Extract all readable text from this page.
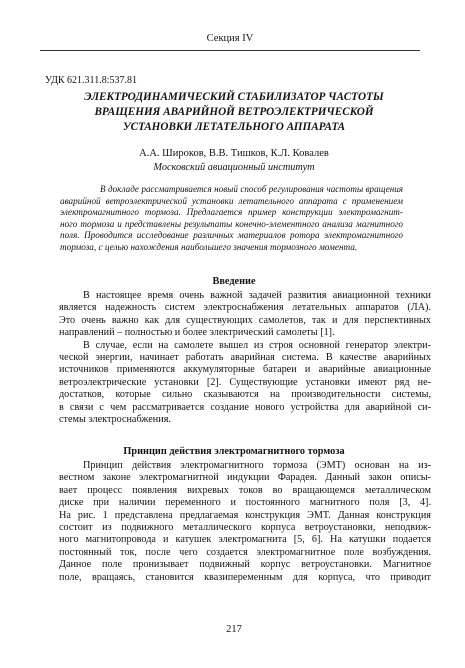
Секция IV
УДК 621.311.8:537.81
ЭЛЕКТРОДИНАМИЧЕСКИЙ СТАБИЛИЗАТОР ЧАСТОТЫ
ВРАЩЕНИЯ АВАРИЙНОЙ ВЕТРОЭЛЕКТРИЧЕСКОЙ
УСТАНОВКИ ЛЕТАТЕЛЬНОГО АППАРАТА
А.А. Широков, В.В. Тишков, К.Л. Ковалев
Московский авиационный институт
В докладе рассматривается новый способ регулирования частоты вращения
аварийной ветроэлектрической установки летательного аппарата с применением
электромагнитного тормоза. Предлагается пример конструкции электромагнит-
ного тормоза и представлены результаты конечно-элементного анализа магнитного
поля. Проводится исследование различных материалов ротора электромагнитного
тормоза, с целью нахождения наибольшего значения тормозного момента.
Введение
В настоящее время очень важной задачей развития авиационной техники
является надежность систем электроснабжения летательных аппаратов (ЛА).
Это очень важно как для существующих самолетов, так и для перспективных
направлений – полностью и более электрический самолеты [1].
В случае, если на самолете вышел из строя основной генератор электри-
ческой энергии, начинает работать аварийная система. В качестве аварийных
источников применяются аккумуляторные батареи и аварийные авиационные
ветроэлектрические установки [2]. Существующие установки имеют ряд не-
достатков, которые сильно сказываются на производительности системы,
в связи с чем рассматривается создание нового устройства для аварийной си-
стемы электроснабжения.
Принцип действия электромагнитного тормоза
Принцип действия электромагнитного тормоза (ЭМТ) основан на из-
вестном законе электромагнитной индукции Фарадея. Данный закон описы-
вает процесс появления вихревых токов во вращающемся металлическом
диске при наличии переменного и постоянного магнитного поля [3, 4].
На рис. 1 представлена предлагаемая конструкция ЭМТ. Данная конструкция
состоит из подвижного металлического корпуса ветроустановки, неподвиж-
ного магнитопровода и катушек электромагнита [5, 6]. На катушки подается
постоянный ток, после чего создается электромагнитное поле возбуждения.
Данное поле пронизывает подвижный корпус ветроустановки. Магнитное
поле, вращаясь, становится квазипеременным для корпуса, что приводит
217
